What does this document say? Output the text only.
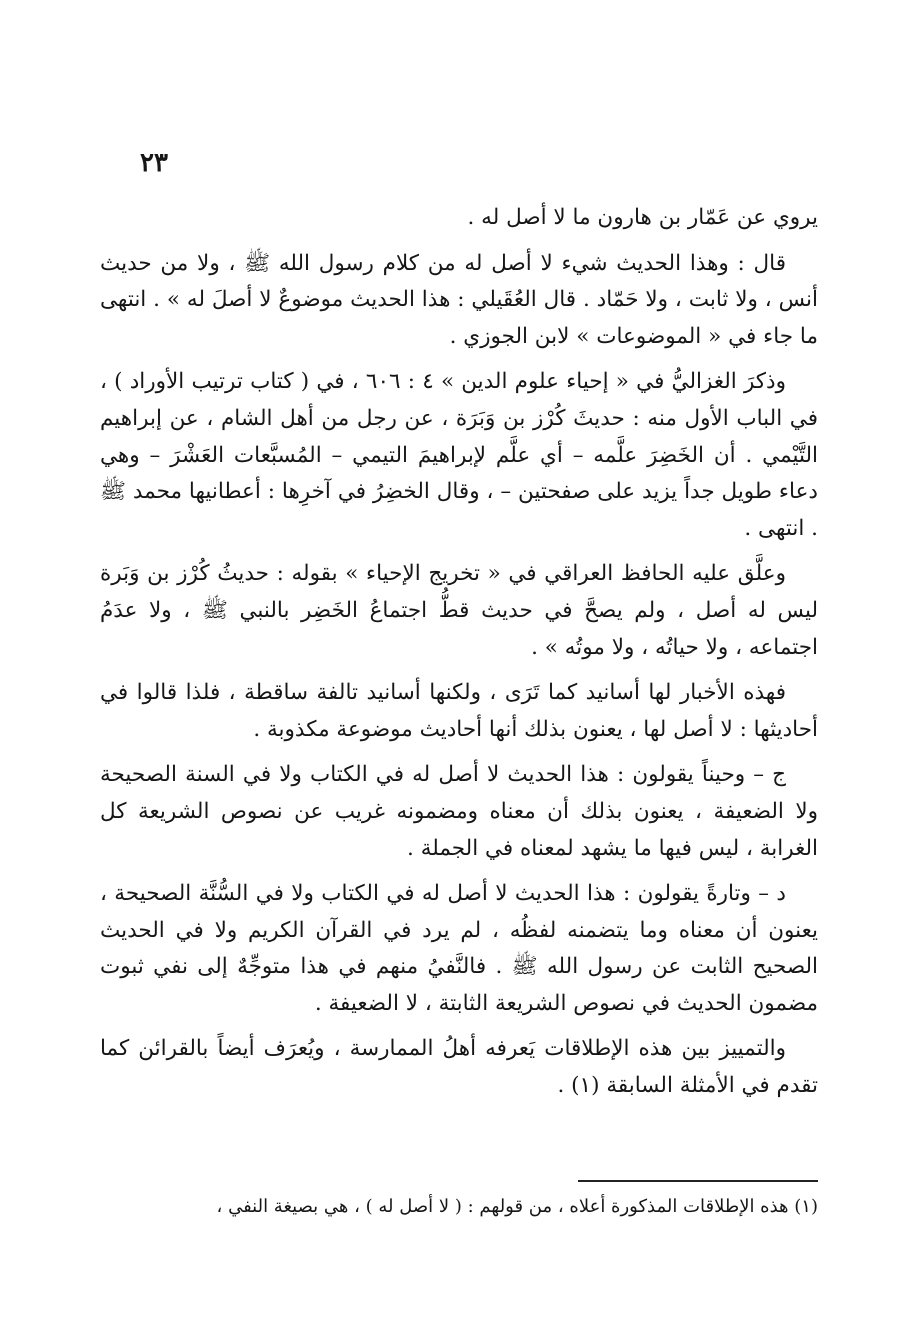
٢٣

يروي عن عَمّار بن هارون ما لا أصل له .

قال : وهذا الحديث شيء لا أصل له من كلام رسول الله ﷺ ، ولا من حديث أنس ، ولا ثابت ، ولا حَمّاد . قال العُقَيلي : هذا الحديث موضوعٌ لا أصلَ له » . انتهى ما جاء في « الموضوعات » لابن الجوزي .

وذكرَ الغزاليُّ في « إحياء علوم الدين » ٤ : ٦٠٦ ، في ( كتاب ترتيب الأوراد ) ، في الباب الأول منه : حديثَ كُرْز بن وَبَرَة ، عن رجل من أهل الشام ، عن إبراهيم التَّيْمي . أن الخَضِرَ علَّمه – أي علَّم لإبراهيمَ التيمي – المُسبَّعات العَشْرَ – وهي دعاء طويل جداً يزيد على صفحتين – ، وقال الخضِرُ في آخرِها : أعطانيها محمد ﷺ . انتهى .

وعلَّق عليه الحافظ العراقي في « تخريج الإحياء » بقوله : حديثُ كُرْز بن وَبَرة ليس له أصل ، ولم يصحَّ في حديث قطُّ اجتماعُ الخَضِر بالنبي ﷺ ، ولا عدَمُ اجتماعه ، ولا حياتُه ، ولا موتُه » .

فهذه الأخبار لها أسانيد كما تَرَى ، ولكنها أسانيد تالفة ساقطة ، فلذا قالوا في أحاديثها : لا أصل لها ، يعنون بذلك أنها أحاديث موضوعة مكذوبة .

ج – وحيناً يقولون : هذا الحديث لا أصل له في الكتاب ولا في السنة الصحيحة ولا الضعيفة ، يعنون بذلك أن معناه ومضمونه غريب عن نصوص الشريعة كل الغرابة ، ليس فيها ما يشهد لمعناه في الجملة .

د – وتارةً يقولون : هذا الحديث لا أصل له في الكتاب ولا في السُّنَّة الصحيحة ، يعنون أن معناه وما يتضمنه لفظُه ، لم يرد في القرآن الكريم ولا في الحديث الصحيح الثابت عن رسول الله ﷺ . فالنَّفيُ منهم في هذا متوجِّهٌ إلى نفي ثبوت مضمون الحديث في نصوص الشريعة الثابتة ، لا الضعيفة .

والتمييز بين هذه الإطلاقات يَعرفه أهلُ الممارسة ، ويُعرَف أيضاً بالقرائن كما تقدم في الأمثلة السابقة (١) .

(١) هذه الإطلاقات المذكورة أعلاه ، من قولهم : ( لا أصل له ) ، هي بصيغة النفي ،
